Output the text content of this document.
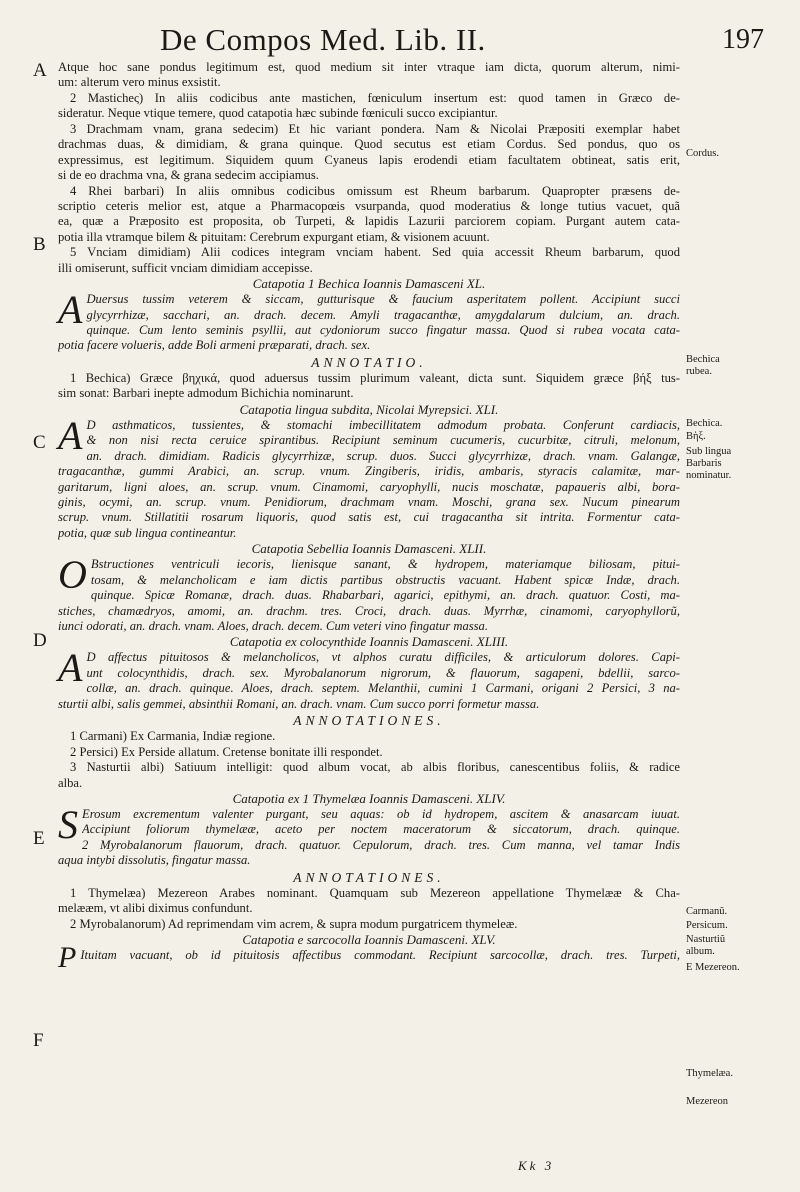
De Compos Med. Lib. II.	197
Atque hoc sane pondus legitimum est, quod medium sit inter vtraque iam dicta, quorum alterum, nimi-
um: alterum vero minus exsistit.
2 Masticheς) In aliis codicibus ante mastichen, fœniculum insertum est: quod tamen in Græco de-
sideratur. Neque vtique temere, quod catapotia hæc subinde fœniculi succo excipiantur.
3 Drachmam vnam, grana sedecim) Et hic variant pondera. Nam & Nicolai Præpositi exemplar habet
drachmas duas, & dimidiam, & grana quinque. Quod secutus est etiam Cordus. Sed pondus, quo os
expressimus, est legitimum. Siquidem quum Cyaneus lapis erodendi etiam facultatem obtineat, satis erit,
si de eo drachma vna, & grana sedecim accipiamus.
4 Rhei barbari) In aliis omnibus codicibus omissum est Rheum barbarum. Quapropter præsens de-
scriptio ceteris melior est, atque a Pharmacopœis vsurpanda, quod moderatius & longe tutius vacuet, quã
ea, quæ a Præposito est proposita, ob Turpeti, & lapidis Lazurii parciorem copiam. Purgant autem cata-
potia illa vtramque bilem & pituitam: Cerebrum expurgant etiam, & visionem acuunt.
5 Vnciam dimidiam) Alii codices integram vnciam habent. Sed quia accessit Rheum barbarum, quod
illi omiserunt, sufficit vnciam dimidiam accepisse.
Catapotia 1 Bechica Ioannis Damasceni XL.
A Duersus tussim veterem & siccam, gutturisque & faucium asperitatem pollent. Accipiunt succi
glycyrrhizæ, sacchari, an. drach. decem. Amyli tragacanthæ, amygdalarum dulcium, an. drach.
quinque. Cum lento seminis psyllii, aut cydoniorum succo fingatur massa. Quod si rubea vocata cata-
potia facere volueris, adde Boli armeni præparati, drach. sex.
ANNOTATIO.
1 Bechica) Græce βηχικά, quod aduersus tussim plurimum valeant, dicta sunt. Siquidem græce βήξ tus-
sim sonat: Barbari inepte admodum Bichichia nominarunt.
Catapotia lingua subdita, Nicolai Myrepsici. XLI.
A D asthmaticos, tussientes, & stomachi imbecillitatem admodum probata. Conferunt cardiacis,
& non nisi recta ceruice spirantibus. Recipiunt seminum cucumeris, cucurbitæ, citruli, melonum,
an. drach. dimidiam. Radicis glycyrrhizæ, scrup. duos. Succi glycyrrhizæ, drach. vnam. Galangæ,
tragacanthæ, gummi Arabici, an. scrup. vnum. Zingiberis, iridis, ambaris, styracis calamitæ, mar-
garitarum, ligni aloes, an. scrup. vnum. Cinamomi, caryophylli, nucis moschatæ, papaueris albi, bora-
ginis, ocymi, an. scrup. vnum. Penidiorum, drachmam vnam. Moschi, grana sex. Nucum pinearum
scrup. vnum. Stillatitii rosarum liquoris, quod satis est, cui tragacantha sit intrita. Formentur cata-
potia, quæ sub lingua contineantur.
Catapotia Sebellia Ioannis Damasceni. XLII.
O Bstructiones ventriculi iecoris, lienisque sanant, & hydropem, materiamque biliosam, pitui-
tosam, & melancholicam e iam dictis partibus obstructis vacuant. Habent spicæ Indæ, drach.
quinque. Spicæ Romanæ, drach. duas. Rhabarbari, agarici, epithymi, an. drach. quatuor. Costi, ma-
stiches, chamædryos, amomi, an. drachm. tres. Croci, drach. duas. Myrrhæ, cinamomi, caryophyllorũ,
iunci odorati, an. drach. vnam. Aloes, drach. decem. Cum veteri vino fingatur massa.
Catapotia ex colocynthide Ioannis Damasceni. XLIII.
A D affectus pituitosos & melancholicos, vt alphos curatu difficiles, & articulorum dolores. Capi-
unt colocynthidis, drach. sex. Myrobalanorum nigrorum, & flauorum, sagapeni, bdellii, sarco-
collæ, an. drach. quinque. Aloes, drach. septem. Melanthii, cumini 1 Carmani, origani 2 Persici, 3 na-
sturtii albi, salis gemmei, absinthii Romani, an. drach. vnam. Cum succo porri formetur massa.
ANNOTATIONES.
1 Carmani) Ex Carmania, Indiæ regione.
2 Persici) Ex Perside allatum. Cretense bonitate illi respondet.
3 Nasturtii albi) Satiuum intelligit: quod album vocat, ab albis floribus, canescentibus foliis, & radice
alba.
Catapotia ex 1 Thymelæa Ioannis Damasceni. XLIV.
S Erosum excrementum valenter purgant, seu aquas: ob id hydropem, ascitem & anasarcam iuuat.
Accipiunt foliorum thymelææ, aceto per noctem maceratorum & siccatorum, drach. quinque.
2 Myrobalanorum flauorum, drach. quatuor. Cepulorum, drach. tres. Cum manna, vel tamar Indis
aqua intybi dissolutis, fingatur massa.
ANNOTATIONES.
1 Thymelæa) Mezereon Arabes nominant. Quamquam sub Mezereon appellatione Thymelææ & Cha-
melææm, vt alibi diximus confundunt.
2 Myrobalanorum) Ad reprimendam vim acrem, & supra modum purgatricem thymeleæ.
Catapotia e sarcocolla Ioannis Damasceni. XLV.
P Ituitam vacuant, ob id pituitosis affectibus commodant. Recipiunt sarcocollæ, drach. tres. Turpeti,
A
B
C
D
E
F
Cordus.
Bechica rubea.
Bechica.
Βὴξ.
Sub lingua Barbaris nominatur.
Carmanũ.
Persicum.
Nasturtiũ album.
E Mezereon.
Thymelæa.
Mezereon
Kk 3
